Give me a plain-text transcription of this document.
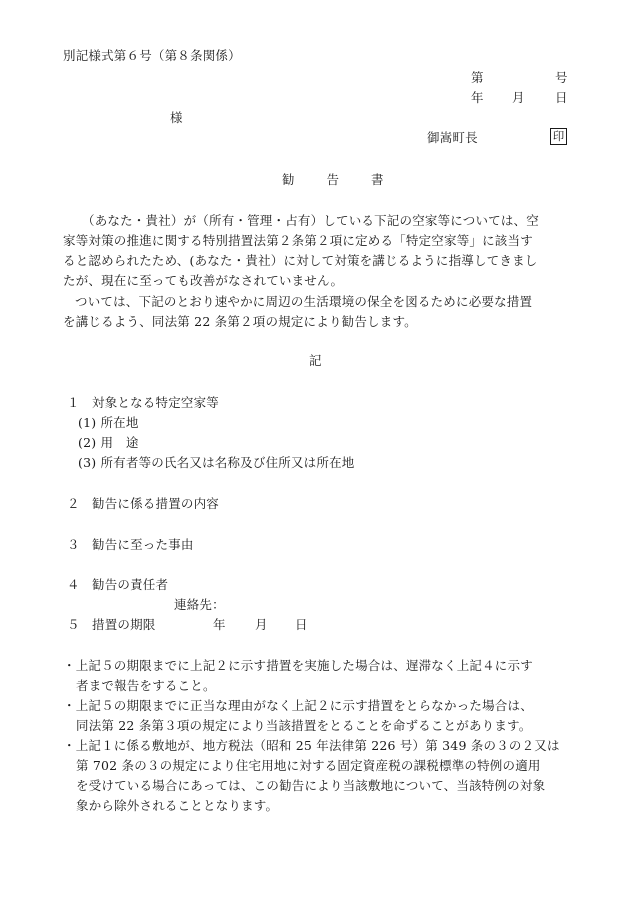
別記様式第６号（第８条関係）
第	号
年 月 日
様
御嵩町長	印
勧 告 書
（あなた・貴社）が（所有・管理・占有）している下記の空家等については、空
家等対策の推進に関する特別措置法第２条第２項に定める「特定空家等」に該当す
ると認められたため、(あなた・貴社）に対して対策を講じるように指導してきまし
たが、現在に至っても改善がなされていません。
ついては、下記のとおり速やかに周辺の生活環境の保全を図るために必要な措置
を講じるよう、同法第 22 条第２項の規定により勧告します。
記
１ 対象となる特定空家等
(1) 所在地
(2) 用　途
(3) 所有者等の氏名又は名称及び住所又は所在地
２ 勧告に係る措置の内容
３ 勧告に至った事由
４ 勧告の責任者
連絡先：
５ 措置の期限	年 月 日
・上記５の期限までに上記２に示す措置を実施した場合は、遅滞なく上記４に示す
者まで報告をすること。
・上記５の期限までに正当な理由がなく上記２に示す措置をとらなかった場合は、
同法第 22 条第３項の規定により当該措置をとることを命ずることがあります。
・上記１に係る敷地が、地方税法（昭和 25 年法律第 226 号）第 349 条の３の２又は
第 702 条の３の規定により住宅用地に対する固定資産税の課税標準の特例の適用
を受けている場合にあっては、この勧告により当該敷地について、当該特例の対象
象から除外されることとなります。
